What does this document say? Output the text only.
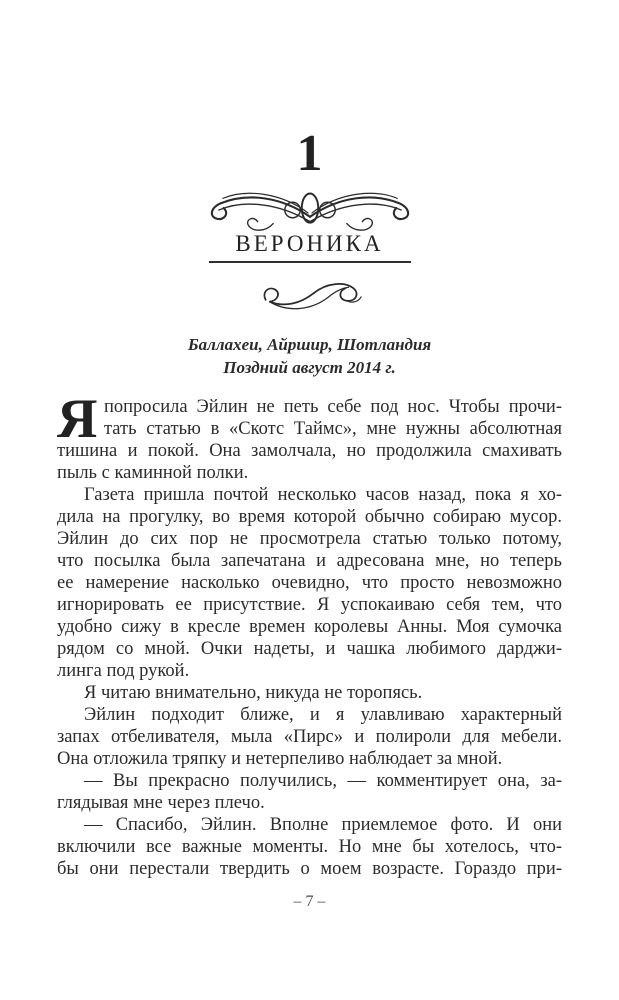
1
ВЕРОНИКА
Баллахеи, Айршир, Шотландия
Поздний август 2014 г.
Я попросила Эйлин не петь себе под нос. Чтобы прочи-
тать статью в «Скотс Таймс», мне нужны абсолютная
тишина и покой. Она замолчала, но продолжила смахивать
пыль с каминной полки.
Газета пришла почтой несколько часов назад, пока я хо-
дила на прогулку, во время которой обычно собираю мусор.
Эйлин до сих пор не просмотрела статью только потому,
что посылка была запечатана и адресована мне, но теперь
ее намерение насколько очевидно, что просто невозможно
игнорировать ее присутствие. Я успокаиваю себя тем, что
удобно сижу в кресле времен королевы Анны. Моя сумочка
рядом со мной. Очки надеты, и чашка любимого дарджи-
линга под рукой.
Я читаю внимательно, никуда не торопясь.
Эйлин подходит ближе, и я улавливаю характерный
запах отбеливателя, мыла «Пирс» и полироли для мебели.
Она отложила тряпку и нетерпеливо наблюдает за мной.
— Вы прекрасно получились, — комментирует она, за-
глядывая мне через плечо.
— Спасибо, Эйлин. Вполне приемлемое фото. И они
включили все важные моменты. Но мне бы хотелось, что-
бы они перестали твердить о моем возрасте. Гораздо при-
– 7 –
